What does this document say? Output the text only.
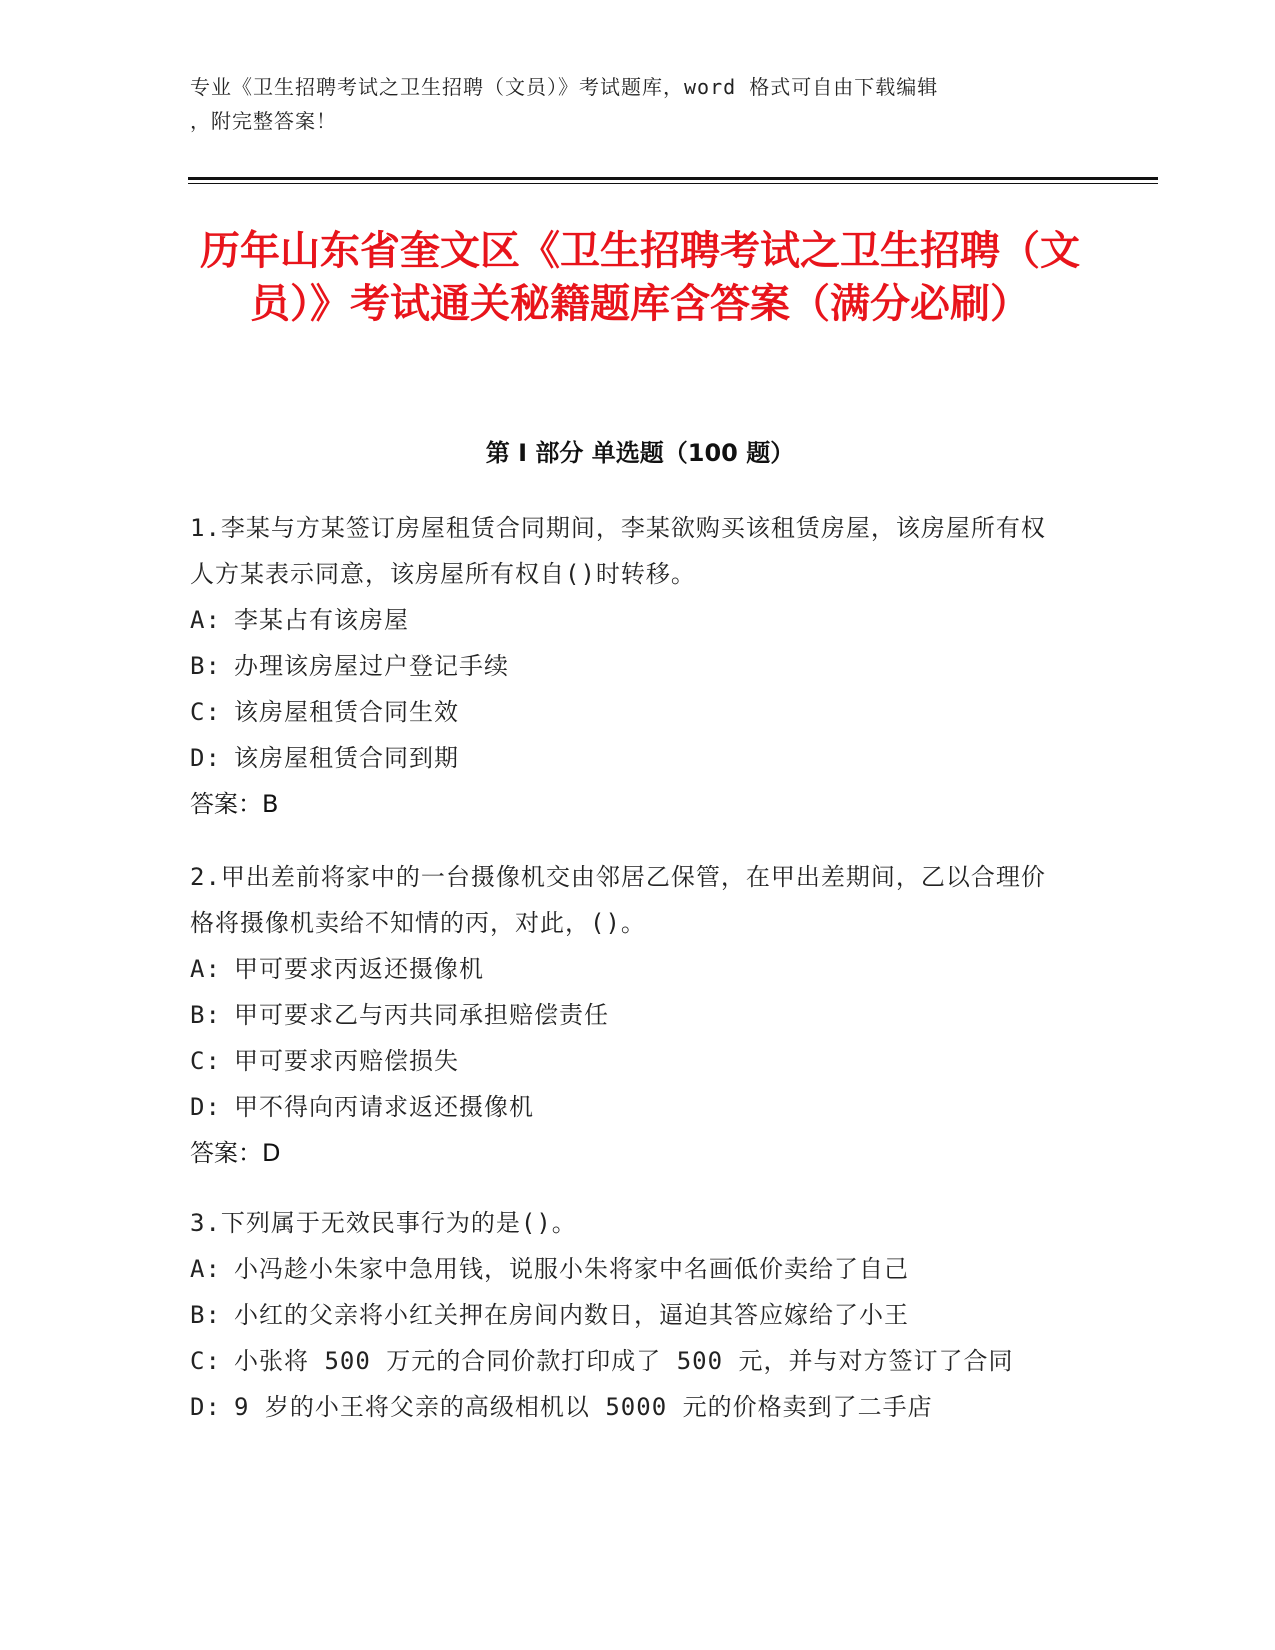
专业《卫生招聘考试之卫生招聘（文员）》考试题库，word 格式可自由下载编辑
，附完整答案！
历年山东省奎文区《卫生招聘考试之卫生招聘（文员）》考试通关秘籍题库含答案（满分必刷）
第 I 部分 单选题（100 题）

1.李某与方某签订房屋租赁合同期间，李某欲购买该租赁房屋，该房屋所有权人方某表示同意，该房屋所有权自()时转移。

A: 李某占有该房屋

B: 办理该房屋过户登记手续

C: 该房屋租赁合同生效

D: 该房屋租赁合同到期

答案：B

2.甲出差前将家中的一台摄像机交由邻居乙保管，在甲出差期间，乙以合理价格将摄像机卖给不知情的丙，对此，()。

A: 甲可要求丙返还摄像机

B: 甲可要求乙与丙共同承担赔偿责任

C: 甲可要求丙赔偿损失

D: 甲不得向丙请求返还摄像机

答案：D

3.下列属于无效民事行为的是()。

A: 小冯趁小朱家中急用钱，说服小朱将家中名画低价卖给了自己

B: 小红的父亲将小红关押在房间内数日，逼迫其答应嫁给了小王

C: 小张将 500 万元的合同价款打印成了 500 元，并与对方签订了合同

D: 9 岁的小王将父亲的高级相机以 5000 元的价格卖到了二手店
